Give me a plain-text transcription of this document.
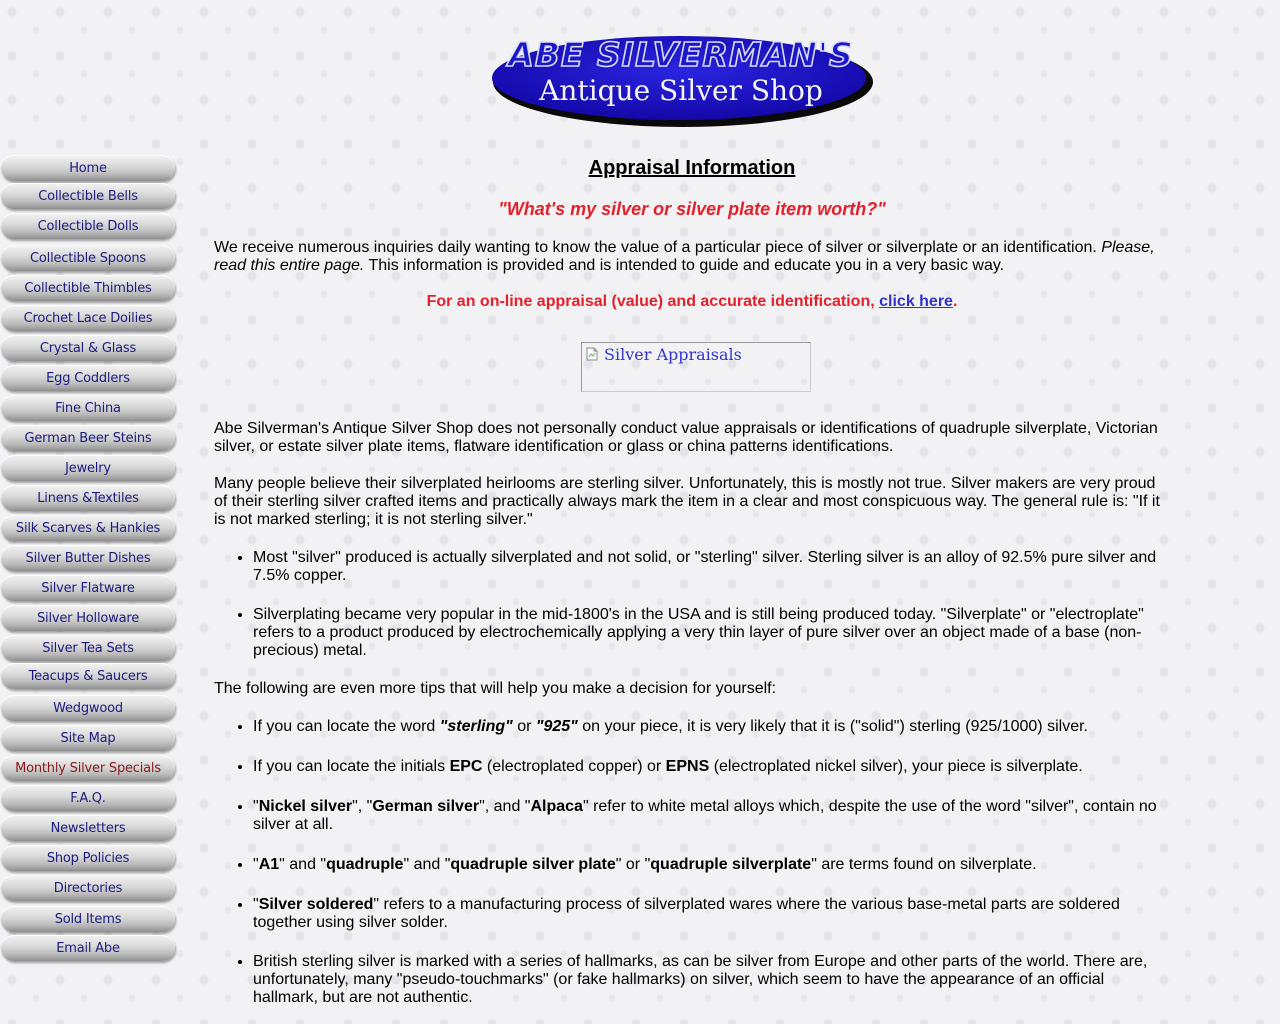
ABE SILVERMAN'S
Antique Silver Shop
Home
Collectible Bells
Collectible Dolls
Collectible Spoons
Collectible Thimbles
Crochet Lace Doilies
Crystal & Glass
Egg Coddlers
Fine China
German Beer Steins
Jewelry
Linens &Textiles
Silk Scarves & Hankies
Silver Butter Dishes
Silver Flatware
Silver Holloware
Silver Tea Sets
Teacups & Saucers
Wedgwood
Site Map
Monthly Silver Specials
F.A.Q.
Newsletters
Shop Policies
Directories
Sold Items
Email Abe
Appraisal Information
"What's my silver or silver plate item worth?"

We receive numerous inquiries daily wanting to know the value of a particular piece of silver or silverplate or an identification. Please, read this entire page. This information is provided and is intended to guide and educate you in a very basic way.

For an on-line appraisal (value) and accurate identification, click here.

Silver Appraisals

Abe Silverman's Antique Silver Shop does not personally conduct value appraisals or identifications of quadruple silverplate, Victorian silver, or estate silver plate items, flatware identification or glass or china patterns identifications.

Many people believe their silverplated heirlooms are sterling silver. Unfortunately, this is mostly not true. Silver makers are very proud of their sterling silver crafted items and practically always mark the item in a clear and most conspicuous way. The general rule is: "If it is not marked sterling; it is not sterling silver."

• Most "silver" produced is actually silverplated and not solid, or "sterling" silver. Sterling silver is an alloy of 92.5% pure silver and 7.5% copper.
• Silverplating became very popular in the mid-1800's in the USA and is still being produced today. "Silverplate" or "electroplate" refers to a product produced by electrochemically applying a very thin layer of pure silver over an object made of a base (non-precious) metal.

The following are even more tips that will help you make a decision for yourself:

• If you can locate the word "sterling" or "925" on your piece, it is very likely that it is ("solid") sterling (925/1000) silver.
• If you can locate the initials EPC (electroplated copper) or EPNS (electroplated nickel silver), your piece is silverplate.
• "Nickel silver", "German silver", and "Alpaca" refer to white metal alloys which, despite the use of the word "silver", contain no silver at all.
• "A1" and "quadruple" and "quadruple silver plate" or "quadruple silverplate" are terms found on silverplate.
• "Silver soldered" refers to a manufacturing process of silverplated wares where the various base-metal parts are soldered together using silver solder.
• British sterling silver is marked with a series of hallmarks, as can be silver from Europe and other parts of the world. There are, unfortunately, many "pseudo-touchmarks" (or fake hallmarks) on silver, which seem to have the appearance of an official hallmark, but are not authentic.
